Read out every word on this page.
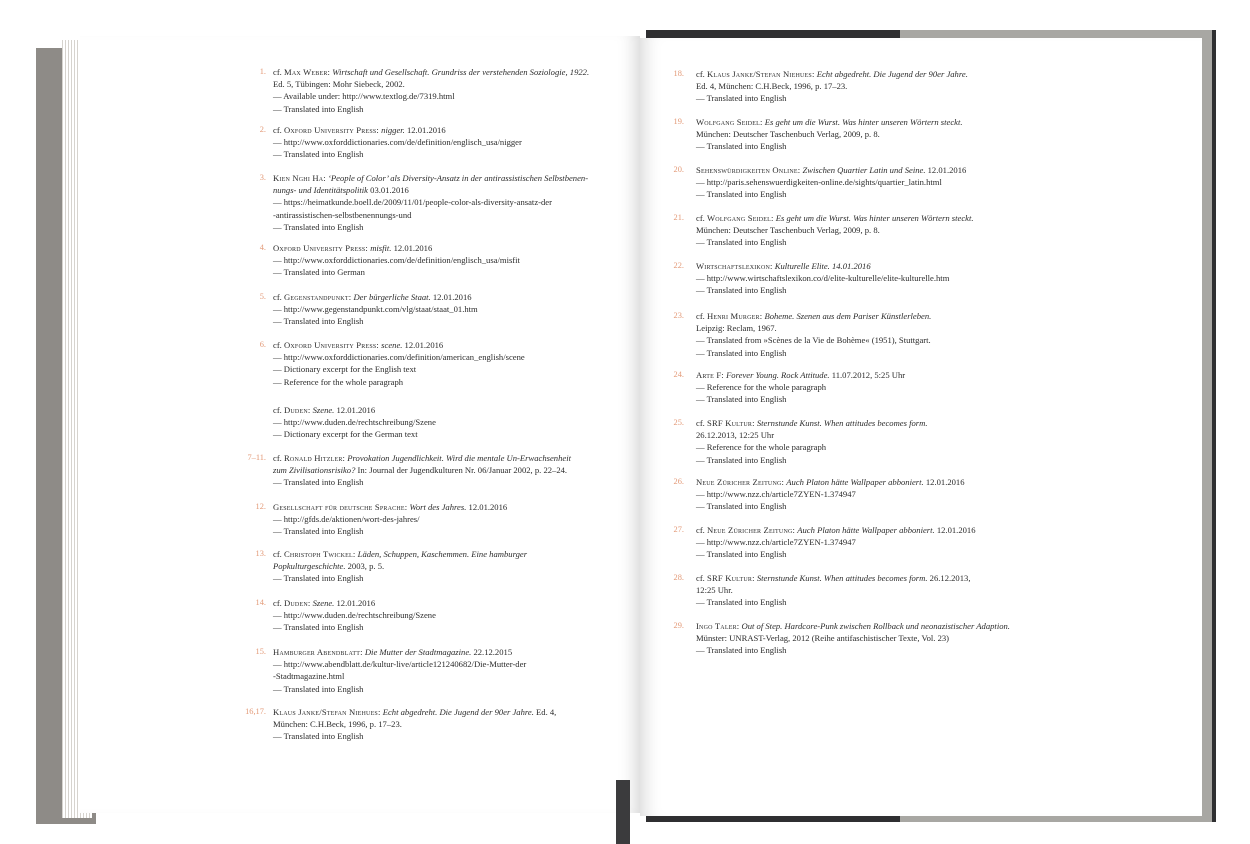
1. cf. Max Weber: Wirtschaft und Gesellschaft. Grundriss der verstehenden Soziologie, 1922.
Ed. 5, Tübingen: Mohr Siebeck, 2002.
— Available under: http://www.textlog.de/7319.html
— Translated into English
2. cf. Oxford University Press: nigger. 12.01.2016
— http://www.oxforddictionaries.com/de/definition/englisch_usa/nigger
— Translated into English
3. Kien Nghi Ha: ‘People of Color’ als Diversity-Ansatz in der antirassistischen Selbstbenen-
nungs- und Identitätspolitik 03.01.2016
— https://heimatkunde.boell.de/2009/11/01/people-color-als-diversity-ansatz-der
-antirassistischen-selbstbenennungs-und
— Translated into English
4. Oxford University Press: misfit. 12.01.2016
— http://www.oxforddictionaries.com/de/definition/englisch_usa/misfit
— Translated into German
5. cf. Gegenstandpunkt: Der bürgerliche Staat. 12.01.2016
— http://www.gegenstandpunkt.com/vlg/staat/staat_01.htm
— Translated into English
6. cf. Oxford University Press: scene. 12.01.2016
— http://www.oxforddictionaries.com/definition/american_english/scene
— Dictionary excerpt for the English text
— Reference for the whole paragraph
cf. Duden: Szene. 12.01.2016
— http://www.duden.de/rechtschreibung/Szene
— Dictionary excerpt for the German text
7–11. cf. Ronald Hitzler: Provokation Jugendlichkeit. Wird die mentale Un-Erwachsenheit
zum Zivilisationsrisiko? In: Journal der Jugendkulturen Nr. 06/Januar 2002, p. 22–24.
— Translated into English
12. Gesellschaft für deutsche Sprache: Wort des Jahres. 12.01.2016
— http://gfds.de/aktionen/wort-des-jahres/
— Translated into English
13. cf. Christoph Twickel: Läden, Schuppen, Kaschemmen. Eine hamburger
Popkulturgeschichte. 2003, p. 5.
— Translated into English
14. cf. Duden: Szene. 12.01.2016
— http://www.duden.de/rechtschreibung/Szene
— Translated into English
15. Hamburger Abendblatt: Die Mutter der Stadtmagazine. 22.12.2015
— http://www.abendblatt.de/kultur-live/article121240682/Die-Mutter-der
-Stadtmagazine.html
— Translated into English
16,17. Klaus Janke/Stefan Niehues: Echt abgedreht. Die Jugend der 90er Jahre. Ed. 4,
München: C.H.Beck, 1996, p. 17–23.
— Translated into English
18. cf. Klaus Janke/Stefan Niehues: Echt abgedreht. Die Jugend der 90er Jahre.
Ed. 4, München: C.H.Beck, 1996, p. 17–23.
— Translated into English
19. Wolfgang Seidel: Es geht um die Wurst. Was hinter unseren Wörtern steckt.
München: Deutscher Taschenbuch Verlag, 2009, p. 8.
— Translated into English
20. Sehenswürdigkeiten Online: Zwischen Quartier Latin und Seine. 12.01.2016
— http://paris.sehenswuerdigkeiten-online.de/sights/quartier_latin.html
— Translated into English
21. cf. Wolfgang Seidel: Es geht um die Wurst. Was hinter unseren Wörtern steckt.
München: Deutscher Taschenbuch Verlag, 2009, p. 8.
— Translated into English
22. Wirtschaftslexikon: Kulturelle Elite. 14.01.2016
— http://www.wirtschaftslexikon.co/d/elite-kulturelle/elite-kulturelle.htm
— Translated into English
23. cf. Henri Murger: Boheme. Szenen aus dem Pariser Künstlerleben.
Leipzig: Reclam, 1967.
— Translated from »Scènes de la Vie de Bohème« (1951), Stuttgart.
— Translated into English
24. Arte F: Forever Young. Rock Attitude. 11.07.2012, 5:25 Uhr
— Reference for the whole paragraph
— Translated into English
25. cf. SRF Kultur: Sternstunde Kunst. When attitudes becomes form.
26.12.2013, 12:25 Uhr
— Reference for the whole paragraph
— Translated into English
26. Neue Züricher Zeitung: Auch Platon hätte Wallpaper abboniert. 12.01.2016
— http://www.nzz.ch/article7ZYEN-1.374947
— Translated into English
27. cf. Neue Züricher Zeitung: Auch Platon hätte Wallpaper abboniert. 12.01.2016
— http://www.nzz.ch/article7ZYEN-1.374947
— Translated into English
28. cf. SRF Kultur: Sternstunde Kunst. When attitudes becomes form. 26.12.2013,
12:25 Uhr.
— Translated into English
29. Ingo Taler: Out of Step. Hardcore-Punk zwischen Rollback und neonazistischer Adaption.
Münster: UNRAST-Verlag, 2012 (Reihe antifaschistischer Texte, Vol. 23)
— Translated into English
